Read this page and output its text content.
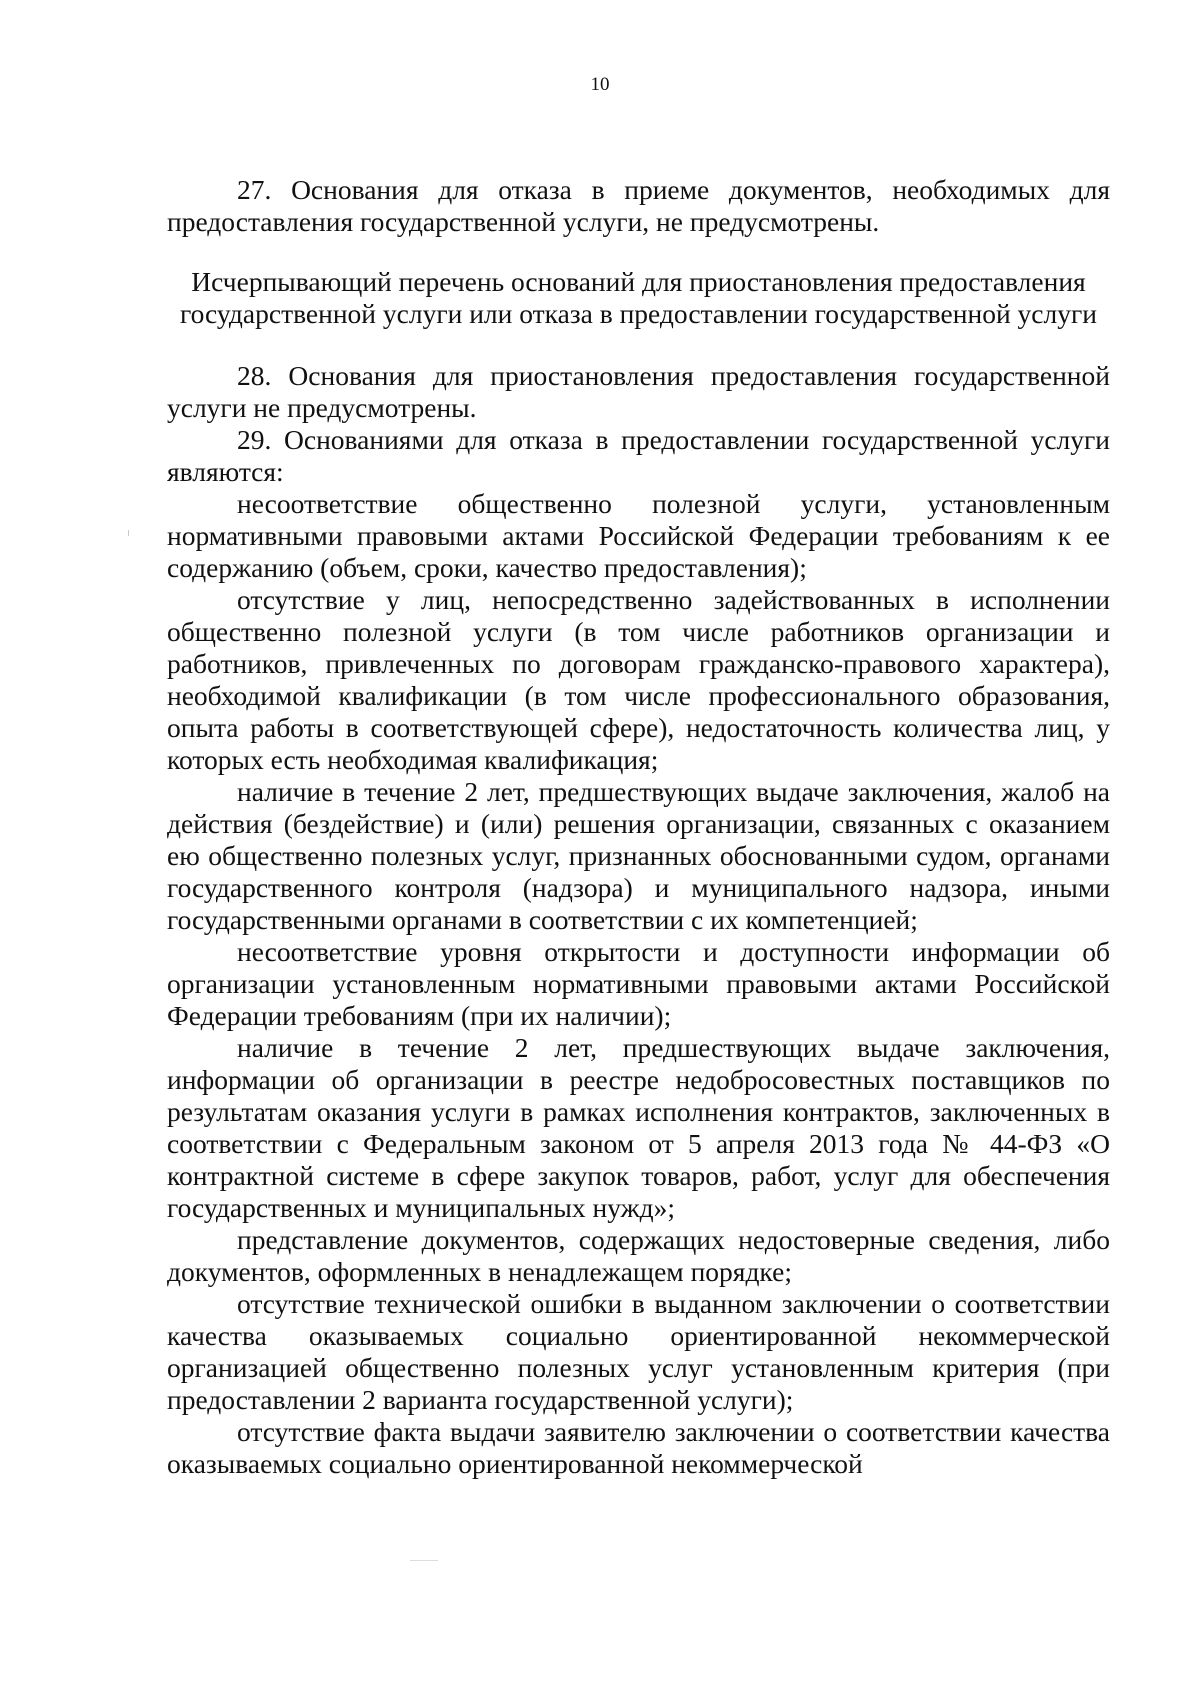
10

27. Основания для отказа в приеме документов, необходимых для предоставления государственной услуги, не предусмотрены.

Исчерпывающий перечень оснований для приостановления предоставления государственной услуги или отказа в предоставлении государственной услуги

28. Основания для приостановления предоставления государственной услуги не предусмотрены.

29. Основаниями для отказа в предоставлении государственной услуги являются:

несоответствие общественно полезной услуги, установленным нормативными правовыми актами Российской Федерации требованиям к ее содержанию (объем, сроки, качество предоставления);

отсутствие у лиц, непосредственно задействованных в исполнении общественно полезной услуги (в том числе работников организации и работников, привлеченных по договорам гражданско-правового характера), необходимой квалификации (в том числе профессионального образования, опыта работы в соответствующей сфере), недостаточность количества лиц, у которых есть необходимая квалификация;

наличие в течение 2 лет, предшествующих выдаче заключения, жалоб на действия (бездействие) и (или) решения организации, связанных с оказанием ею общественно полезных услуг, признанных обоснованными судом, органами государственного контроля (надзора) и муниципального надзора, иными государственными органами в соответствии с их компетенцией;

несоответствие уровня открытости и доступности информации об организации установленным нормативными правовыми актами Российской Федерации требованиям (при их наличии);

наличие в течение 2 лет, предшествующих выдаче заключения, информации об организации в реестре недобросовестных поставщиков по результатам оказания услуги в рамках исполнения контрактов, заключенных в соответствии с Федеральным законом от 5 апреля 2013 года № 44-ФЗ «О контрактной системе в сфере закупок товаров, работ, услуг для обеспечения государственных и муниципальных нужд»;

представление документов, содержащих недостоверные сведения, либо документов, оформленных в ненадлежащем порядке;

отсутствие технической ошибки в выданном заключении о соответствии качества оказываемых социально ориентированной некоммерческой организацией общественно полезных услуг установленным критерия (при предоставлении 2 варианта государственной услуги);

отсутствие факта выдачи заявителю заключении о соответствии качества оказываемых социально ориентированной некоммерческой
